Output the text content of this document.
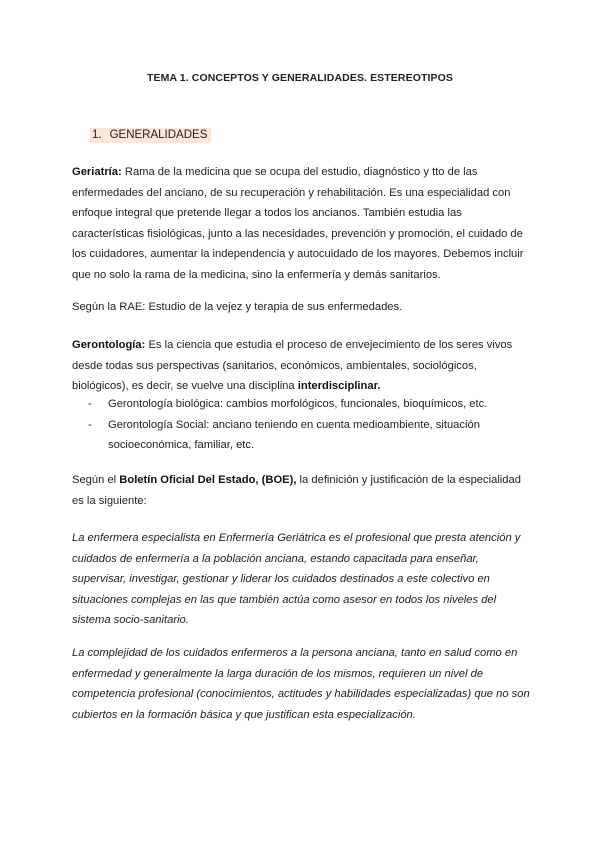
TEMA 1. CONCEPTOS Y GENERALIDADES. ESTEREOTIPOS
1. GENERALIDADES
Geriatría: Rama de la medicina que se ocupa del estudio, diagnóstico y tto de las enfermedades del anciano, de su recuperación y rehabilitación. Es una especialidad con enfoque integral que pretende llegar a todos los ancianos. También estudia las características fisiológicas, junto a las necesidades, prevención y promoción, el cuidado de los cuidadores, aumentar la independencia y autocuidado de los mayores. Debemos incluir que no solo la rama de la medicina, sino la enfermería y demás sanitarios.
Según la RAE: Estudio de la vejez y terapia de sus enfermedades.
Gerontología: Es la ciencia que estudia el proceso de envejecimiento de los seres vivos desde todas sus perspectivas (sanitarios, económicos, ambientales, sociológicos, biológicos), es decir, se vuelve una disciplina interdisciplinar.
- Gerontología biológica: cambios morfológicos, funcionales, bioquímicos, etc.
- Gerontología Social: anciano teniendo en cuenta medioambiente, situación socioeconómica, familiar, etc.
Según el Boletín Oficial Del Estado, (BOE), la definición y justificación de la especialidad es la siguiente:
La enfermera especialista en Enfermería Geriátrica es el profesional que presta atención y cuidados de enfermería a la población anciana, estando capacitada para enseñar, supervisar, investigar, gestionar y liderar los cuidados destinados a este colectivo en situaciones complejas en las que también actúa como asesor en todos los niveles del sistema socio-sanitario.
La complejidad de los cuidados enfermeros a la persona anciana, tanto en salud como en enfermedad y generalmente la larga duración de los mismos, requieren un nivel de competencia profesional (conocimientos, actitudes y habilidades especializadas) que no son cubiertos en la formación básica y que justifican esta especialización.
